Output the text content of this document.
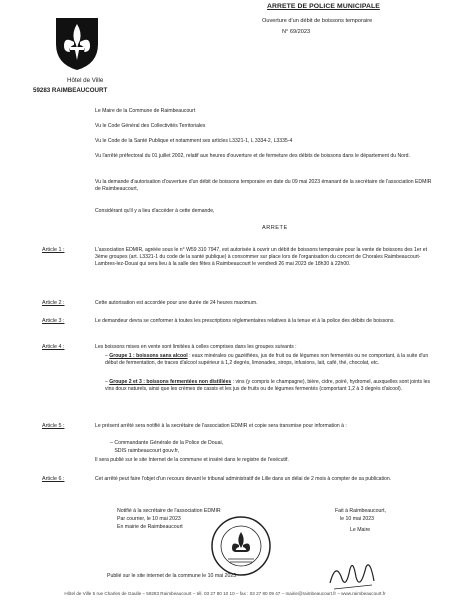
ARRETE DE POLICE MUNICIPALE
Ouverture d'un débit de boissons temporaire
N° 69/2023
Hôtel de Ville
59283 RAIMBEAUCOURT
Le Maire de la Commune de Raimbeaucourt
Vu le Code Général des Collectivités Territoriales
Vu le Code de la Santé Publique et notamment ses articles L3321-1, L 3334-2, L3335-4
Vu l'arrêté préfectoral du 01 juillet 2002, relatif aux heures d'ouverture et de fermeture des débits de boissons dans le département du Nord.
Vu la demande d'autorisation d'ouverture d'un débit de boissons temporaire en date du 09 mai 2023 émanant de la secrétaire de l'association EDMIR de Raimbeaucourt,
Considérant qu'il y a lieu d'accéder à cette demande,
ARRETE
Article 1 :	L'association EDMIR, agréée sous le n° W59 310 7947, est autorisée à ouvrir un débit de boissons temporaire pour la vente de boissons des 1er et 3ème groupes (art. L3321-1 du code de la santé publique) à consommer sur place lors de l'organisation du concert de Chorales Raimbeaucourt-Lambres-lez-Douai qui sera lieu à la salle des fêtes à Raimbeaucourt le vendredi 26 mai 2023 de 18h30 à 22h00.
Article 2 :	Cette autorisation est accordée pour une durée de 24 heures maximum.
Article 3 :	Le demandeur devra se conformer à toutes les prescriptions réglementaires relatives à la tenue et à la police des débits de boissons.
Article 4 :	Les boissons mises en vente sont limitées à celles comprises dans les groupes suivants :
– Groupe 1 : boissons sans alcool : eaux minérales ou gazéifiées, jus de fruit ou de légumes non fermentés ou ne comportant, à la suite d'un début de fermentation, de traces d'alcool supérieur à 1,2 degrés, limonades, sirops, infusions, lait, café, thé, chocolat, etc.
– Groupe 2 et 3 : boissons fermentées non distillées : vins (y compris le champagne), bière, cidre, poiré, hydromel, auxquelles sont joints les vins doux naturels, ainsi que les crèmes de cassis et les jus de fruits ou de légumes fermentés (comportant 1,2 à 3 degrés d'alcool).
Article 5 :	Le présent arrêté sera notifié à la secrétaire de l'association EDMIR et copie sera transmise pour information à :
– Commandante Générale de la Police de Douai,
SDIS raimbeaucourt gouv.fr,
Il sera publié sur le site Internet de la commune et inséré dans le registre de l'exécutif.
Article 6 :	Cet arrêté peut faire l'objet d'un recours devant le tribunal administratif de Lille dans un délai de 2 mois à compter de sa publication.
Notifié à la secrétaire de l'association EDMIR
Par courrier, le 10 mai 2023
En mairie de Raimbeaucourt
Fait à Raimbeaucourt,
le 10 mai 2023
Le Maire
Publié sur le site internet de la commune le 10 mai 2023
Hôtel de Ville 5 rue Charles de Gaulle – 59283 Raimbeaucourt – tél. 03 27 80 10 10 – fax : 03 27 80 09 47 – mairie@raimbeaucourt.fr – www.raimbeaucourt.fr
